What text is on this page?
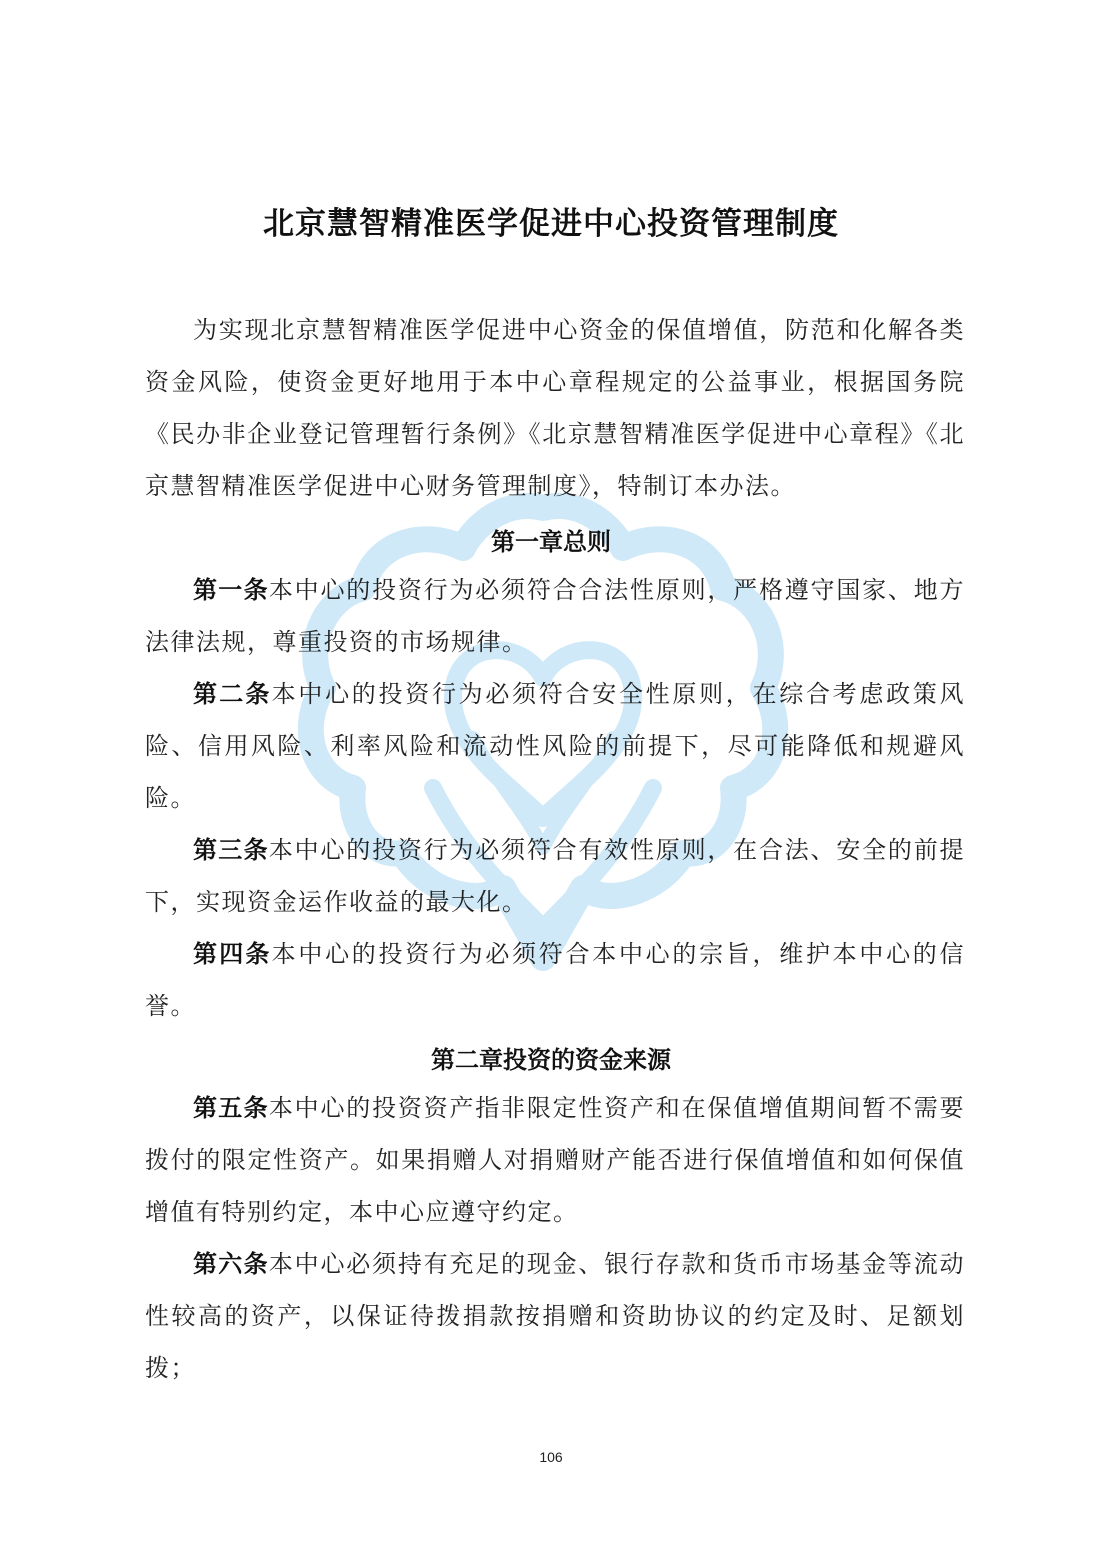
北京慧智精准医学促进中心投资管理制度

为实现北京慧智精准医学促进中心资金的保值增值，防范和化解各类资金风险，使资金更好地用于本中心章程规定的公益事业，根据国务院《民办非企业登记管理暂行条例》《北京慧智精准医学促进中心章程》《北京慧智精准医学促进中心财务管理制度》，特制订本办法。

第一章总则

第一条本中心的投资行为必须符合合法性原则，严格遵守国家、地方法律法规，尊重投资的市场规律。

第二条本中心的投资行为必须符合安全性原则，在综合考虑政策风险、信用风险、利率风险和流动性风险的前提下，尽可能降低和规避风险。

第三条本中心的投资行为必须符合有效性原则，在合法、安全的前提下，实现资金运作收益的最大化。

第四条本中心的投资行为必须符合本中心的宗旨，维护本中心的信誉。

第二章投资的资金来源

第五条本中心的投资资产指非限定性资产和在保值增值期间暂不需要拨付的限定性资产。如果捐赠人对捐赠财产能否进行保值增值和如何保值增值有特别约定，本中心应遵守约定。

第六条本中心必须持有充足的现金、银行存款和货币市场基金等流动性较高的资产，以保证待拨捐款按捐赠和资助协议的约定及时、足额划拨；

106
